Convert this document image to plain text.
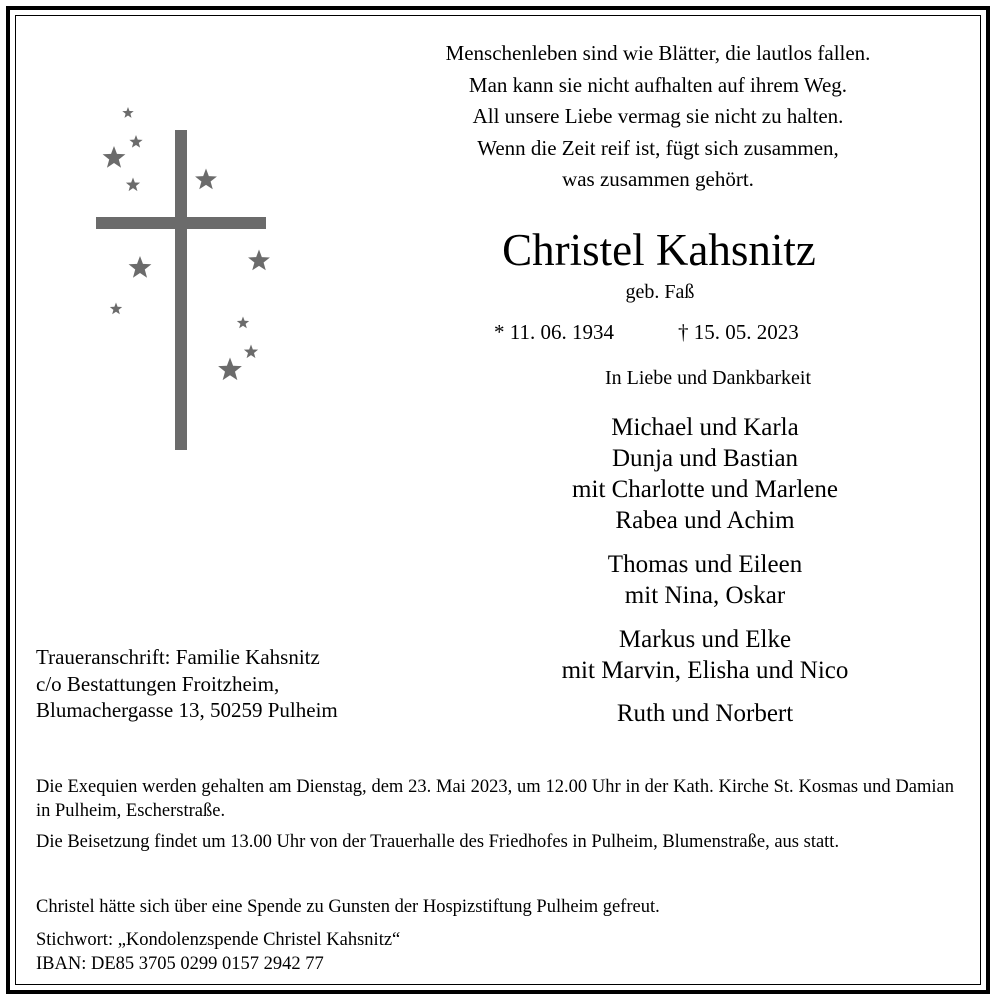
Menschenleben sind wie Blätter, die lautlos fallen.
Man kann sie nicht aufhalten auf ihrem Weg.
All unsere Liebe vermag sie nicht zu halten.
Wenn die Zeit reif ist, fügt sich zusammen,
was zusammen gehört.
Christel Kahsnitz
geb. Faß
* 11. 06. 1934	† 15. 05. 2023
In Liebe und Dankbarkeit
Michael und Karla
Dunja und Bastian
mit Charlotte und Marlene
Rabea und Achim
Thomas und Eileen
mit Nina, Oskar
Markus und Elke
mit Marvin, Elisha und Nico
Ruth und Norbert
Traueranschrift: Familie Kahsnitz
c/o Bestattungen Froitzheim,
Blumachergasse 13, 50259 Pulheim
Die Exequien werden gehalten am Dienstag, dem 23. Mai 2023, um 12.00 Uhr in der Kath. Kirche St. Kosmas und Damian in Pulheim, Escherstraße.
Die Beisetzung findet um 13.00 Uhr von der Trauerhalle des Friedhofes in Pulheim, Blumenstraße, aus statt.
Christel hätte sich über eine Spende zu Gunsten der Hospizstiftung Pulheim gefreut.
Stichwort: „Kondolenzspende Christel Kahsnitz“
IBAN: DE85 3705 0299 0157 2942 77
